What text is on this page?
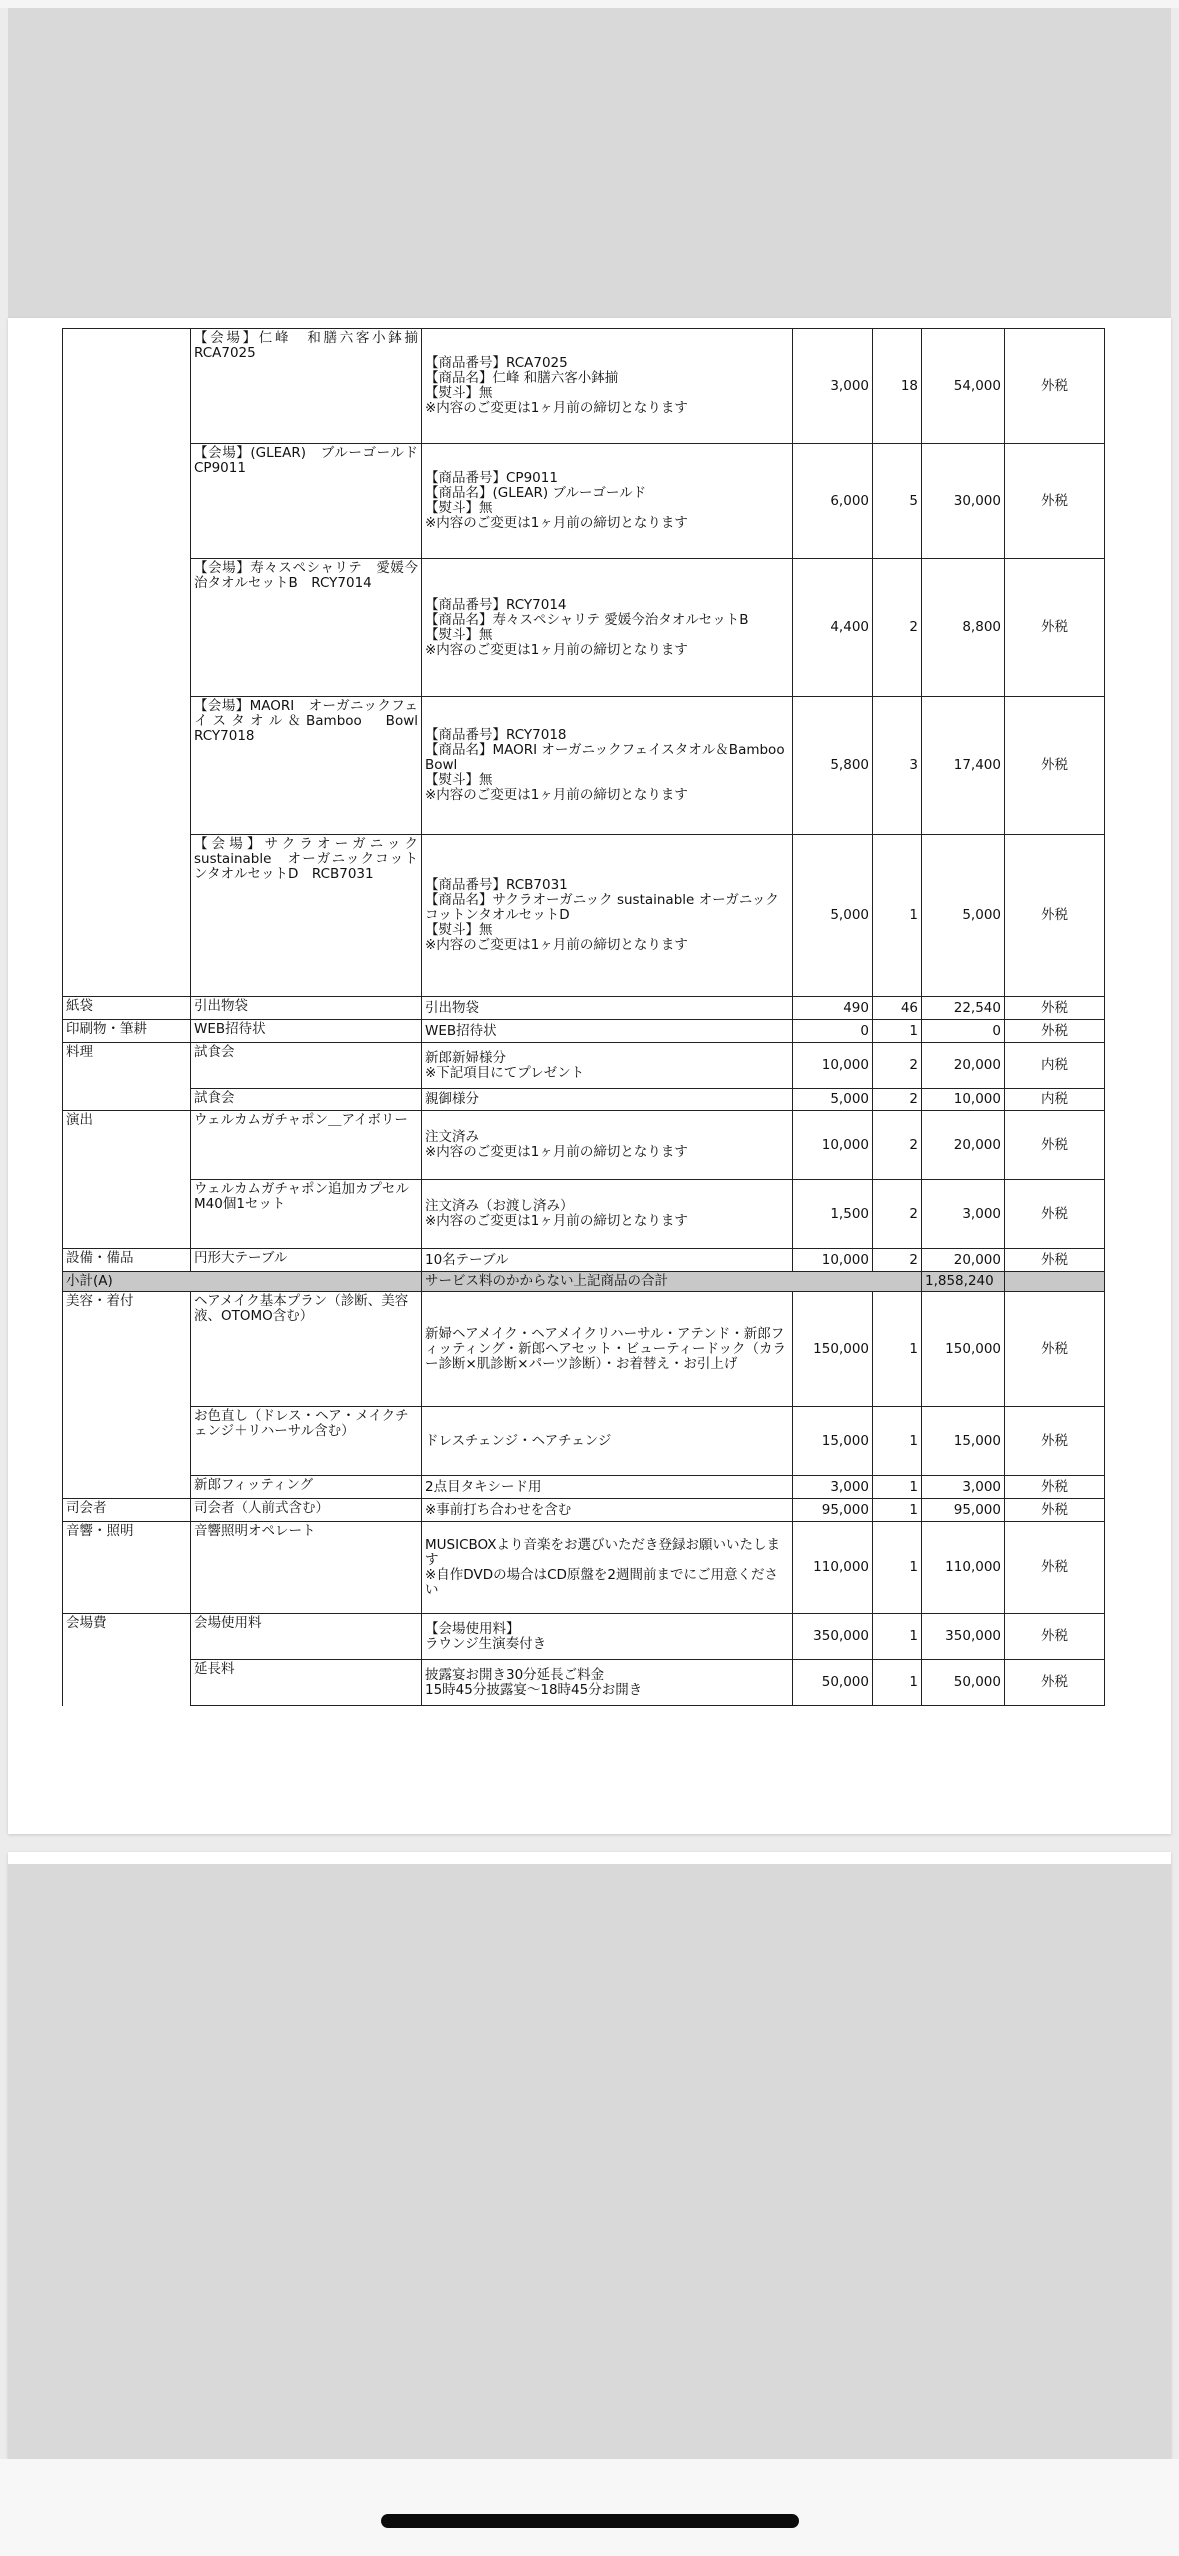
	【会場】仁峰　和膳六客小鉢揃　RCA7025	【商品番号】RCA7025
【商品名】仁峰 和膳六客小鉢揃
【熨斗】無
※内容のご変更は1ヶ月前の締切となります	3,000	18	54,000	外税
	【会場】(GLEAR)　ブルーゴールド　CP9011	【商品番号】CP9011
【商品名】(GLEAR) ブルーゴールド
【熨斗】無
※内容のご変更は1ヶ月前の締切となります	6,000	5	30,000	外税
	【会場】寿々スペシャリテ　愛媛今治タオルセットB　RCY7014	【商品番号】RCY7014
【商品名】寿々スペシャリテ 愛媛今治タオルセットB
【熨斗】無
※内容のご変更は1ヶ月前の締切となります	4,400	2	8,800	外税
	【会場】MAORI　オーガニックフェイスタオル＆Bamboo　Bowl　RCY7018	【商品番号】RCY7018
【商品名】MAORI オーガニックフェイスタオル＆Bamboo Bowl
【熨斗】無
※内容のご変更は1ヶ月前の締切となります	5,800	3	17,400	外税
	【会場】サクラオーガニック　sustainable　オーガニックコットンタオルセットD　RCB7031	【商品番号】RCB7031
【商品名】サクラオーガニック sustainable オーガニックコットンタオルセットD
【熨斗】無
※内容のご変更は1ヶ月前の締切となります	5,000	1	5,000	外税
紙袋	引出物袋	引出物袋	490	46	22,540	外税
印刷物・筆耕	WEB招待状	WEB招待状	0	1	0	外税
料理	試食会	新郎新婦様分
※下記項目にてプレゼント	10,000	2	20,000	内税
	試食会	親御様分	5,000	2	10,000	内税
演出	ウェルカムガチャポン＿アイボリー	注文済み
※内容のご変更は1ヶ月前の締切となります	10,000	2	20,000	外税
	ウェルカムガチャポン追加カプセルM40個1セット	注文済み（お渡し済み）
※内容のご変更は1ヶ月前の締切となります	1,500	2	3,000	外税
設備・備品	円形大テーブル	10名テーブル	10,000	2	20,000	外税
小計(A)		サービス料のかからない上記商品の合計			1,858,240	
美容・着付	ヘアメイク基本プラン（診断、美容液、OTOMO含む）	新婦ヘアメイク・ヘアメイクリハーサル・アテンド・新郎フィッティング・新郎ヘアセット・ビューティードック（カラー診断×肌診断×パーツ診断）・お着替え・お引上げ	150,000	1	150,000	外税
	お色直し（ドレス・ヘア・メイクチェンジ＋リハーサル含む）	ドレスチェンジ・ヘアチェンジ	15,000	1	15,000	外税
	新郎フィッティング	2点目タキシード用	3,000	1	3,000	外税
司会者	司会者（人前式含む）	※事前打ち合わせを含む	95,000	1	95,000	外税
音響・照明	音響照明オペレート	MUSICBOXより音楽をお選びいただき登録お願いいたします
※自作DVDの場合はCD原盤を2週間前までにご用意ください	110,000	1	110,000	外税
会場費	会場使用料	【会場使用料】
ラウンジ生演奏付き	350,000	1	350,000	外税
	延長料	披露宴お開き30分延長ご料金
15時45分披露宴～18時45分お開き	50,000	1	50,000	外税
